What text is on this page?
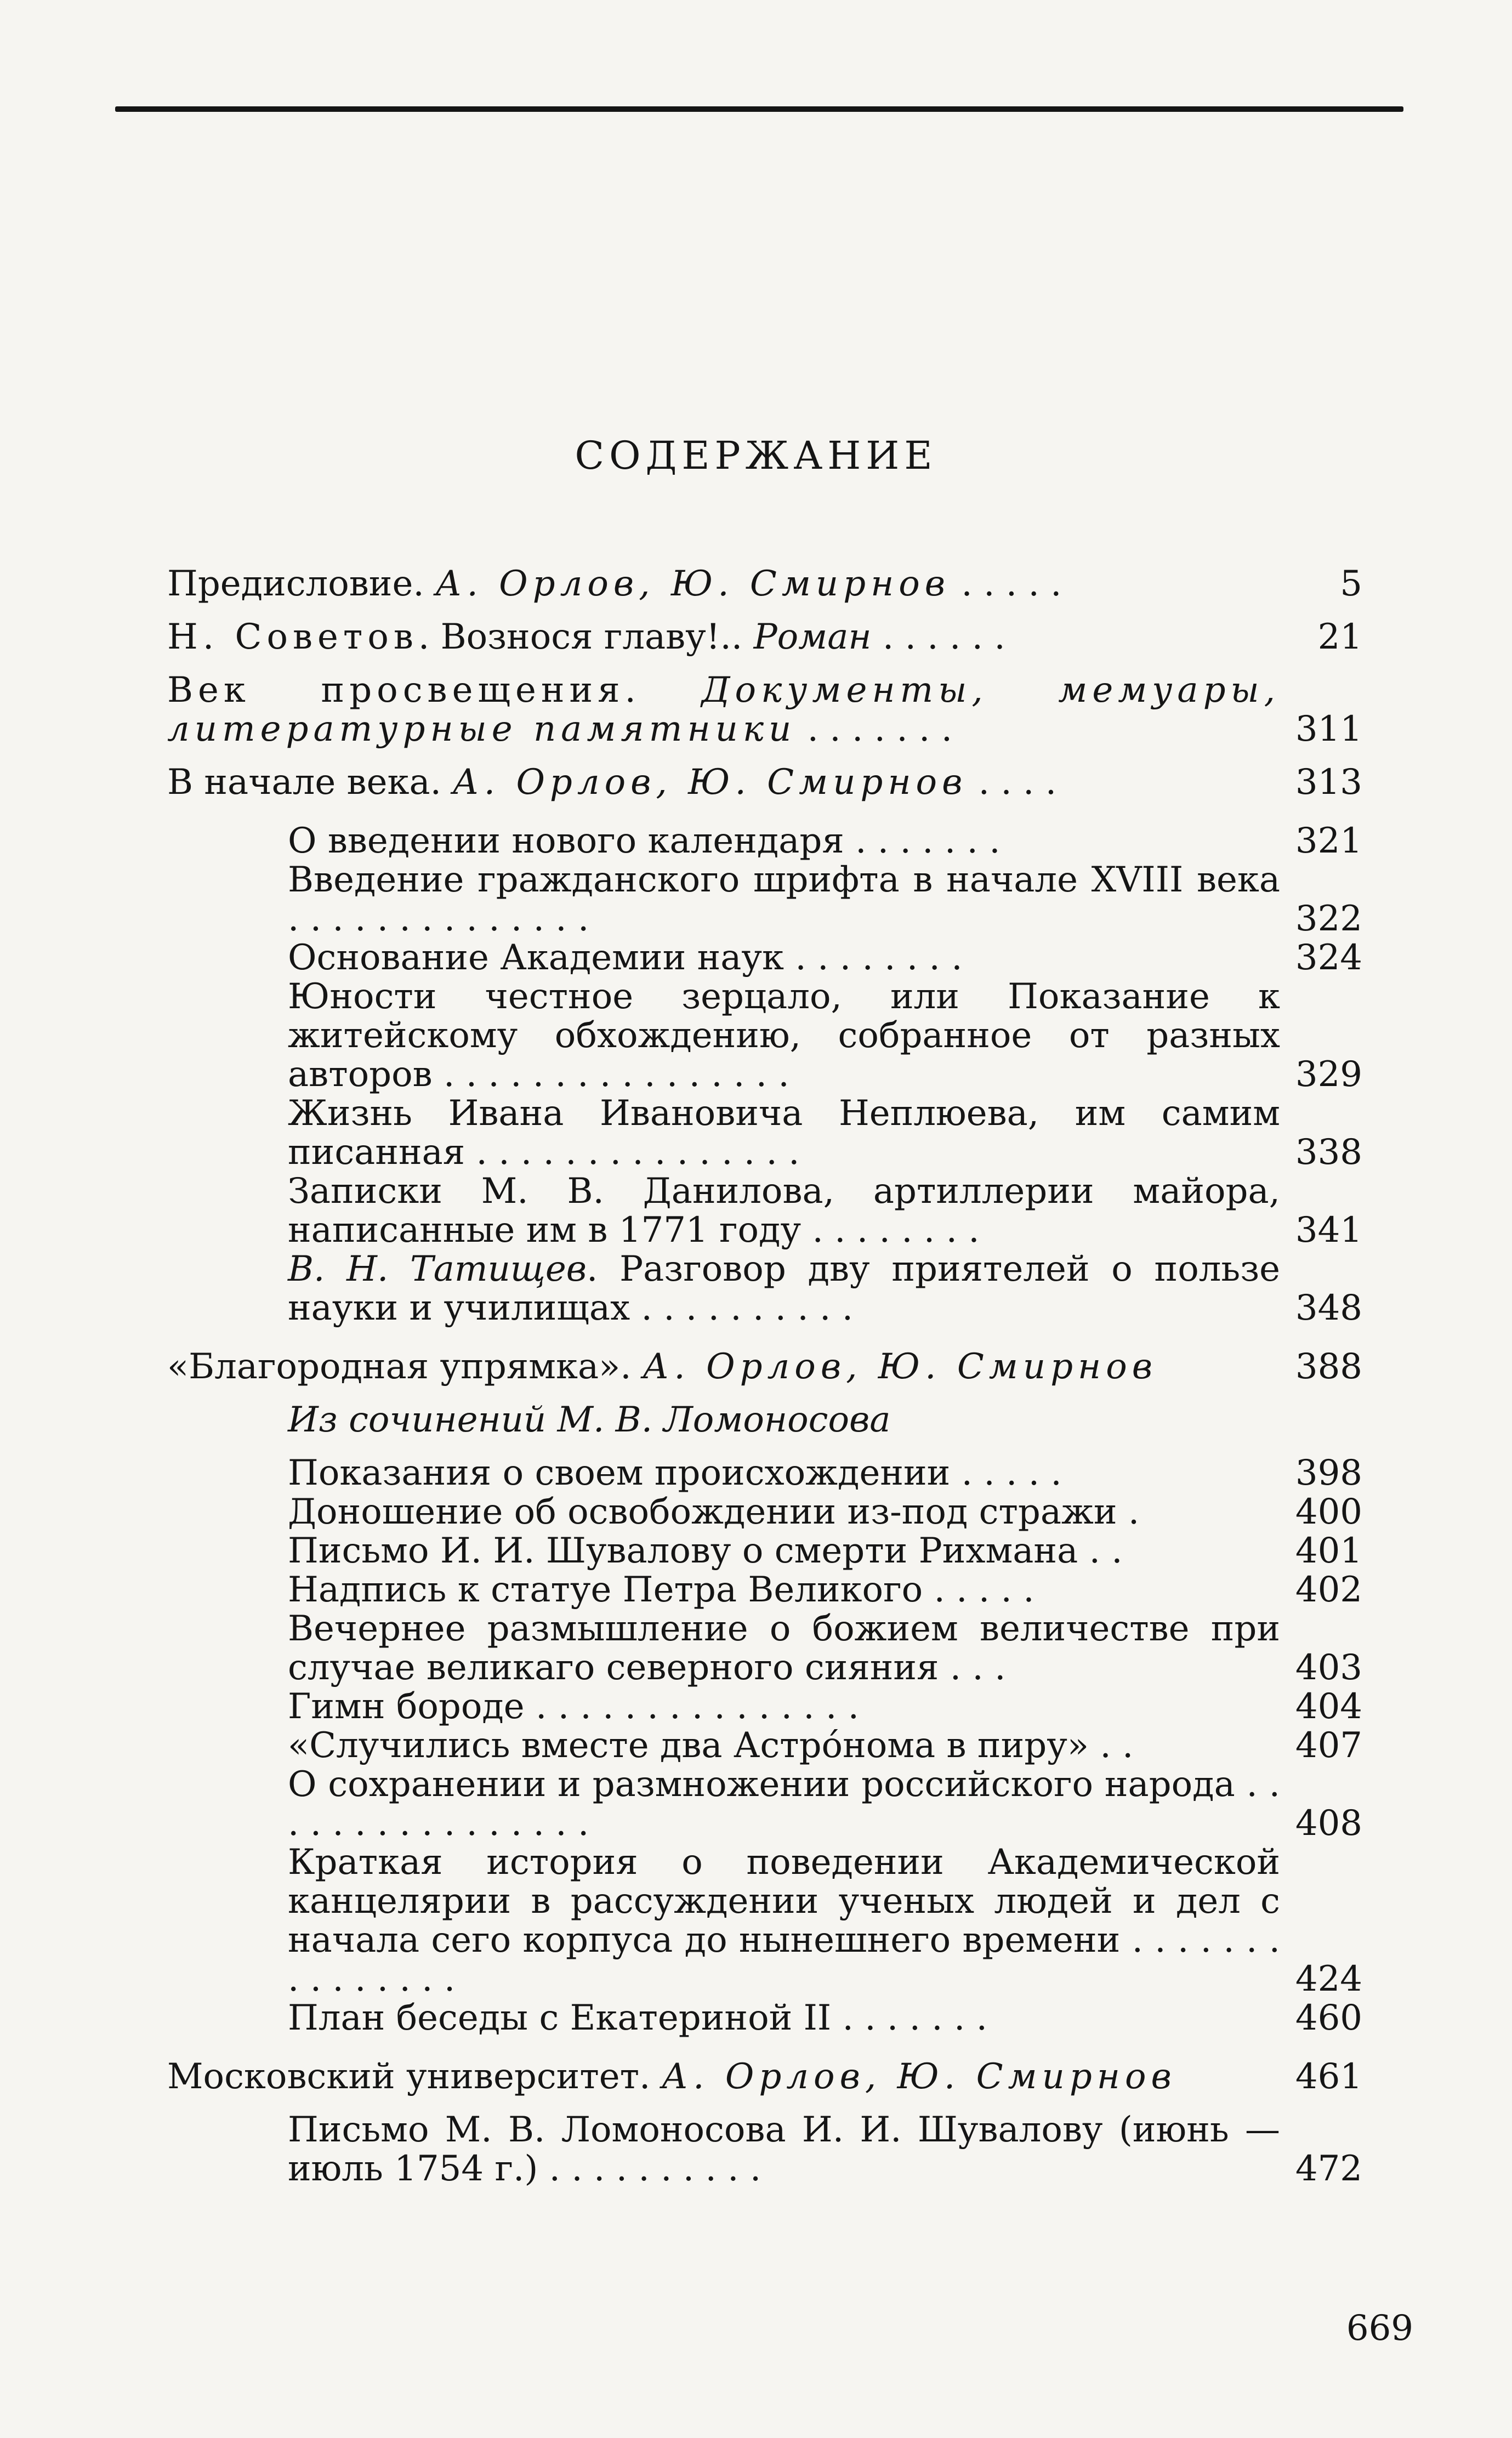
СОДЕРЖАНИЕ
Предисловие. А. Орлов, Ю. Смирнов . . . . .	5
Н. Советов. Вознося главу!.. Роман . . . . . .	21
Век просвещения. Документы, мемуары, литературные памятники . . . . . . .	311
В начале века. А. Орлов, Ю. Смирнов . . . .	313
О введении нового календаря . . . . . . .	321
Введение гражданского шрифта в начале XVIII века . . . . . . . . . . . . . .	322
Основание Академии наук . . . . . . . .	324
Юности честное зерцало, или Показание к житейскому обхождению, собранное от разных авторов . . . . . . . . . . . . . . . .	329
Жизнь Ивана Ивановича Неплюева, им самим писанная . . . . . . . . . . . . . . .	338
Записки М. В. Данилова, артиллерии майора, написанные им в 1771 году . . . . . . . .	341
В. Н. Татищев. Разговор дву приятелей о пользе науки и училищах . . . . . . . . . .	348
«Благородная упрямка». А. Орлов, Ю. Смирнов	388
Из сочинений М. В. Ломоносова
Показания о своем происхождении . . . . .	398
Доношение об освобождении из-под стражи .	400
Письмо И. И. Шувалову о смерти Рихмана . .	401
Надпись к статуе Петра Великого . . . . .	402
Вечернее размышление о божием величестве при случае великаго северного сияния . . .	403
Гимн бороде . . . . . . . . . . . . . . .	404
«Случились вместе два Астрóнома в пиру» . .	407
О сохранении и размножении российского народа . . . . . . . . . . . . . . . .	408
Краткая история о поведении Академической канцелярии в рассуждении ученых людей и дел с начала сего корпуса до нынешнего времени . . . . . . . . . . . . . . .	424
План беседы с Екатериной II . . . . . . .	460
Московский университет. А. Орлов, Ю. Смирнов	461
Письмо М. В. Ломоносова И. И. Шувалову (июнь — июль 1754 г.) . . . . . . . . . .	472
669
